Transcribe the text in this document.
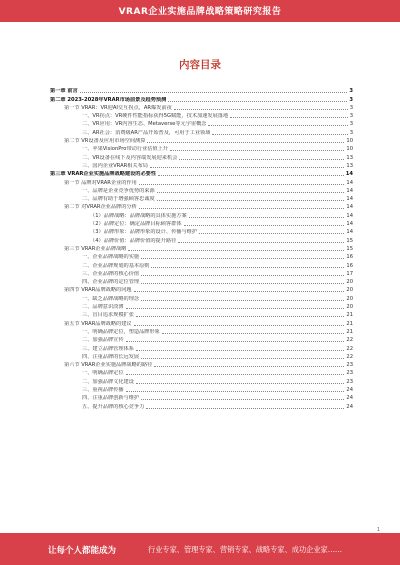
VRAR企业实施品牌战略策略研究报告
内容目录
第一章 前言	3
第二章 2023-2028年VRAR市场前景及趋势预测	3
第一节 VRAR：VR迎AI交互拐点，AR爆发前夜	3
一、VR拐点：VR硬件性能指标获得5G赋能，技术加速发展落地	3
二、VR应用：VR内容生态、Metaverse等元宇宙概念	3
三、AR社会：消费级AR产品开始普及，可用于工业领域	3
第二节 VR设备及应用市场空间测算	10
一、苹果VisionPro带动行业估值上升	10
二、VR设备在线下及内容端发展迎来机会	13
三、国内企业VRAR相关布局	13
第三章 VRAR企业实施品牌战略建设的必要性	14
第一节 品牌对VRAR企业的作用	14
一、品牌是企业竞争优势的来源	14
二、品牌有助于增强顾客忠诚度	14
第二节 对VRAR企业品牌的分析	14
（1）品牌战略：品牌战略的具体实施方案	14
（2）品牌定位：确定品牌目标顾客群体	14
（3）品牌形象：品牌形象的设计、传播与维护	14
（4）品牌价值：品牌价值的提升路径	15
第三节 VRAR企业品牌战略	15
一、企业品牌战略的实施	16
二、企业品牌规划的基本原则	16
三、企业品牌的核心价值	17
四、企业品牌的定位管理	20
第四节 VRAR品牌战略的问题	20
一、缺乏品牌战略的理念	20
二、品牌意识淡薄	20
三、盲目追求规模扩张	21
第五节 VRAR品牌战略的建议	21
一、明确品牌定位，塑造品牌形象	21
二、加强品牌宣传	22
三、建立品牌管理体系	22
四、注重品牌的长远发展	22
第六节 VRAR企业实施品牌战略的路径	23
一、明确品牌定位	23
二、加强品牌文化建设	23
三、重视品牌传播	24
四、注重品牌创新与维护	24
五、提升品牌的核心竞争力	24
1
让每个人都能成为	行业专家、管理专家、营销专家、战略专家、成功企业家……
